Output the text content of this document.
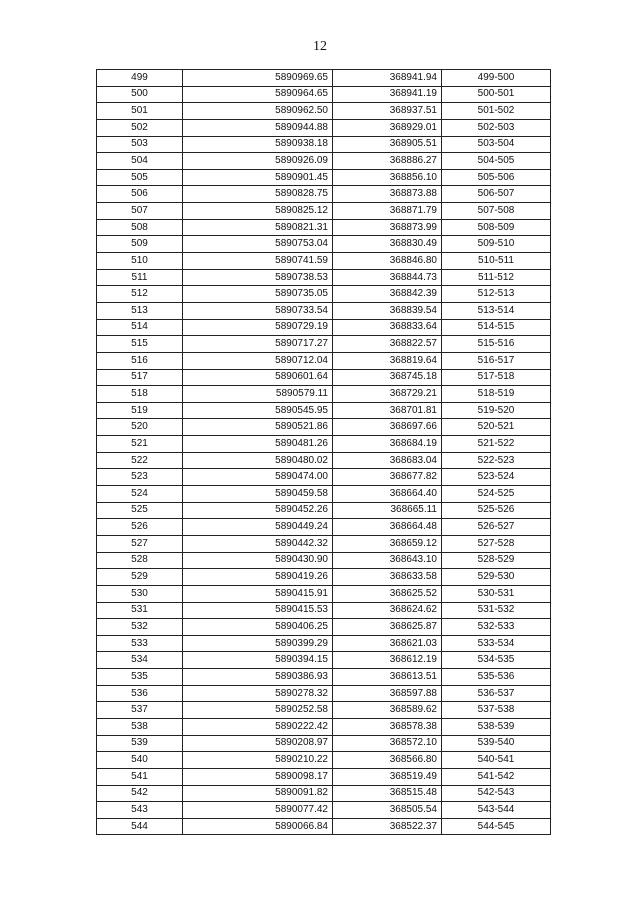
12
499	5890969.65	368941.94	499-500
500	5890964.65	368941.19	500-501
501	5890962.50	368937.51	501-502
502	5890944.88	368929.01	502-503
503	5890938.18	368905.51	503-504
504	5890926.09	368886.27	504-505
505	5890901.45	368856.10	505-506
506	5890828.75	368873.88	506-507
507	5890825.12	368871.79	507-508
508	5890821.31	368873.99	508-509
509	5890753.04	368830.49	509-510
510	5890741.59	368846.80	510-511
511	5890738.53	368844.73	511-512
512	5890735.05	368842.39	512-513
513	5890733.54	368839.54	513-514
514	5890729.19	368833.64	514-515
515	5890717.27	368822.57	515-516
516	5890712.04	368819.64	516-517
517	5890601.64	368745.18	517-518
518	5890579.11	368729.21	518-519
519	5890545.95	368701.81	519-520
520	5890521.86	368697.66	520-521
521	5890481.26	368684.19	521-522
522	5890480.02	368683.04	522-523
523	5890474.00	368677.82	523-524
524	5890459.58	368664.40	524-525
525	5890452.26	368665.11	525-526
526	5890449.24	368664.48	526-527
527	5890442.32	368659.12	527-528
528	5890430.90	368643.10	528-529
529	5890419.26	368633.58	529-530
530	5890415.91	368625.52	530-531
531	5890415.53	368624.62	531-532
532	5890406.25	368625.87	532-533
533	5890399.29	368621.03	533-534
534	5890394.15	368612.19	534-535
535	5890386.93	368613.51	535-536
536	5890278.32	368597.88	536-537
537	5890252.58	368589.62	537-538
538	5890222.42	368578.38	538-539
539	5890208.97	368572.10	539-540
540	5890210.22	368566.80	540-541
541	5890098.17	368519.49	541-542
542	5890091.82	368515.48	542-543
543	5890077.42	368505.54	543-544
544	5890066.84	368522.37	544-545
